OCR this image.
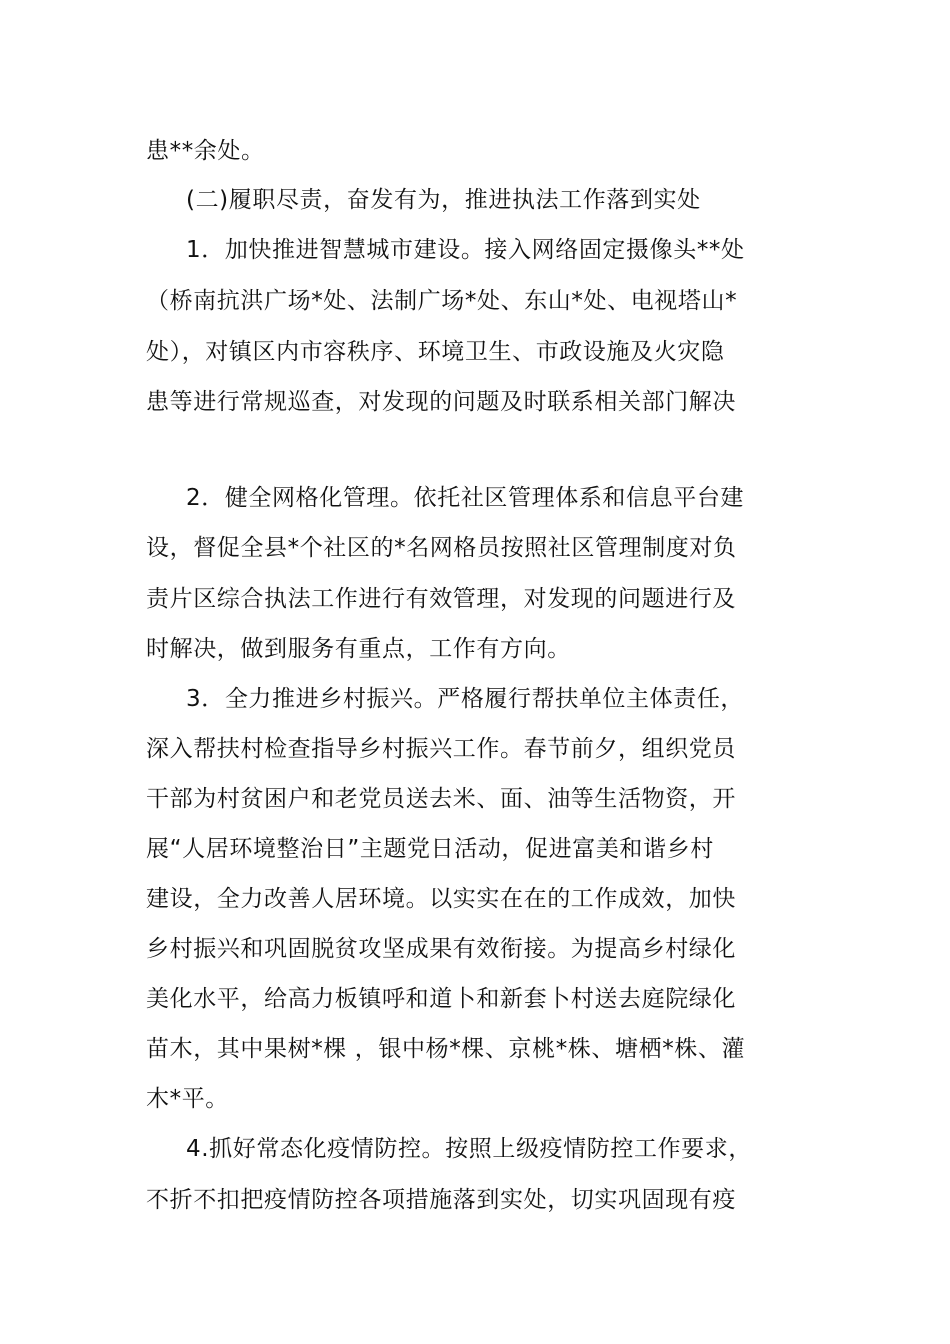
患**余处。
(二)履职尽责，奋发有为，推进执法工作落到实处
1．加快推进智慧城市建设。接入网络固定摄像头**处
（桥南抗洪广场*处、法制广场*处、东山*处、电视塔山*
处），对镇区内市容秩序、环境卫生、市政设施及火灾隐
患等进行常规巡查，对发现的问题及时联系相关部门解决
2．健全网格化管理。依托社区管理体系和信息平台建
设，督促全县*个社区的*名网格员按照社区管理制度对负
责片区综合执法工作进行有效管理，对发现的问题进行及
时解决，做到服务有重点，工作有方向。
3．全力推进乡村振兴。严格履行帮扶单位主体责任，
深入帮扶村检查指导乡村振兴工作。春节前夕，组织党员
干部为村贫困户和老党员送去米、面、油等生活物资，开
展“人居环境整治日”主题党日活动，促进富美和谐乡村
建设，全力改善人居环境。以实实在在的工作成效，加快
乡村振兴和巩固脱贫攻坚成果有效衔接。为提高乡村绿化
美化水平，给高力板镇呼和道卜和新套卜村送去庭院绿化
苗木，其中果树*棵 ，银中杨*棵、京桃*株、塘栖*株、灌
木*平。
4.抓好常态化疫情防控。按照上级疫情防控工作要求，
不折不扣把疫情防控各项措施落到实处，切实巩固现有疫
